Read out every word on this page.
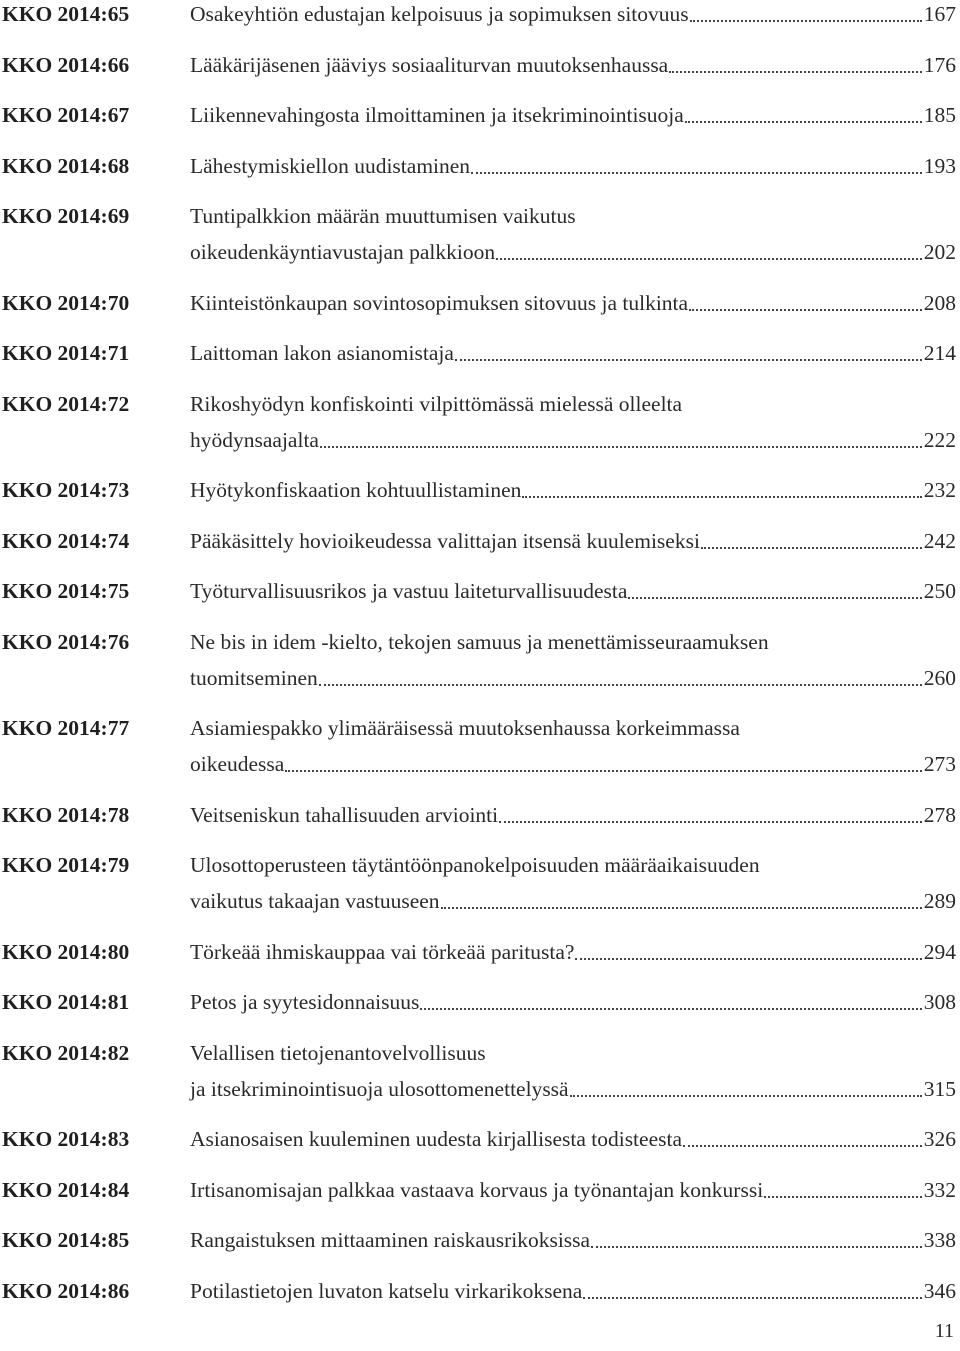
KKO 2014:65	Osakeyhtiön edustajan kelpoisuus ja sopimuksen sitovuus	167
KKO 2014:66	Lääkärijäsenen jääviys sosiaaliturvan muutoksenhaussa	176
KKO 2014:67	Liikennevahingosta ilmoittaminen ja itsekriminointisuoja	185
KKO 2014:68	Lähestymiskiellon uudistaminen	193
KKO 2014:69	Tuntipalkkion määrän muuttumisen vaikutus
oikeudenkäyntiavustajan palkkioon	202
KKO 2014:70	Kiinteistönkaupan sovintosopimuksen sitovuus ja tulkinta	208
KKO 2014:71	Laittoman lakon asianomistaja	214
KKO 2014:72	Rikoshyödyn konfiskointi vilpittömässä mielessä olleelta
hyödynsaajalta	222
KKO 2014:73	Hyötykonfiskaation kohtuullistaminen	232
KKO 2014:74	Pääkäsittely hovioikeudessa valittajan itsensä kuulemiseksi	242
KKO 2014:75	Työturvallisuusrikos ja vastuu laiteturvallisuudesta	250
KKO 2014:76	Ne bis in idem -kielto, tekojen samuus ja menettämisseuraamuksen
tuomitseminen	260
KKO 2014:77	Asiamiespakko ylimääräisessä muutoksenhaussa korkeimmassa
oikeudessa	273
KKO 2014:78	Veitseniskun tahallisuuden arviointi	278
KKO 2014:79	Ulosottoperusteen täytäntöönpanokelpoisuuden määräaikaisuuden
vaikutus takaajan vastuuseen	289
KKO 2014:80	Törkeää ihmiskauppaa vai törkeää paritusta?	294
KKO 2014:81	Petos ja syytesidonnaisuus	308
KKO 2014:82	Velallisen tietojenantovelvollisuus
ja itsekriminointisuoja ulosottomenettelyssä	315
KKO 2014:83	Asianosaisen kuuleminen uudesta kirjallisesta todisteesta	326
KKO 2014:84	Irtisanomisajan palkkaa vastaava korvaus ja työnantajan konkurssi	332
KKO 2014:85	Rangaistuksen mittaaminen raiskausrikoksissa	338
KKO 2014:86	Potilastietojen luvaton katselu virkarikoksena	346
11
